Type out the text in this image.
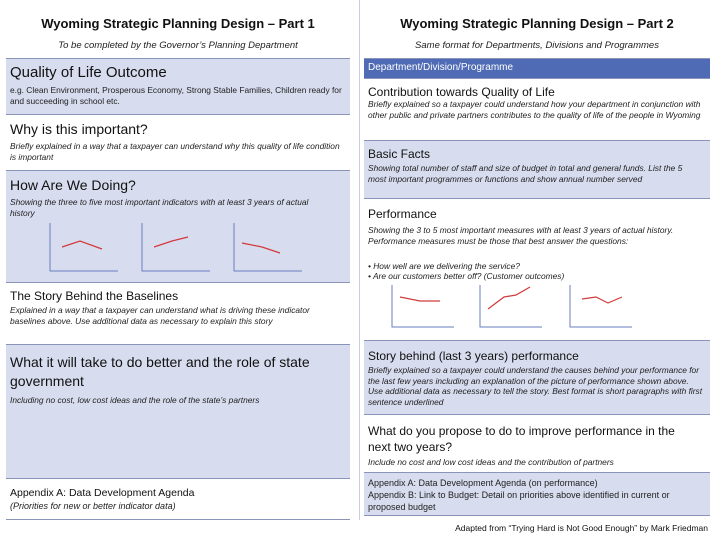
Wyoming Strategic Planning Design – Part 1
To be completed by the Governor’s Planning Department
Quality of Life Outcome
e.g. Clean Environment, Prosperous Economy, Strong Stable Families, Children ready for and succeeding in school etc.
Why is this important?
Briefly explained in a way that a taxpayer can understand why this quality of life condition is important
How Are We Doing?
Showing the three to five most important indicators with at least 3 years of actual history
The Story Behind the Baselines
Explained in a way that a taxpayer can understand what is driving these indicator baselines above. Use additional data as necessary to explain this story
What it will take to do better and the role of state government
Including no cost, low cost ideas and the role of the state’s partners
Appendix A: Data Development Agenda
(Priorities for new or better indicator data)
Wyoming Strategic Planning Design – Part 2
Same format for Departments, Divisions and Programmes
Department/Division/Programme
Contribution towards Quality of Life
Briefly explained so a taxpayer could understand how your department in conjunction with other public and private partners contributes to the quality of life of the people in Wyoming
Basic Facts
Showing total number of staff and size of budget in total and general funds. List the 5 most important programmes or functions and show annual number served
Performance
Showing the 3 to 5 most important measures with at least 3 years of actual history. Performance measures must be those that best answer the questions:
• How well are we delivering the service?
• Are our customers better off? (Customer outcomes)
Story behind (last 3 years) performance
Briefly explained so a taxpayer could understand the causes behind your performance for the last few years including an explanation of the picture of performance shown above. Use additional data as necessary to tell the story. Best format is short paragraphs with first sentence underlined
What do you propose to do to improve performance in the next two years?
Include no cost and low cost ideas and the contribution of partners
Appendix A: Data Development Agenda (on performance)
Appendix B: Link to Budget: Detail on priorities above identified in current or proposed budget
Adapted from “Trying Hard is Not Good Enough” by Mark Friedman
